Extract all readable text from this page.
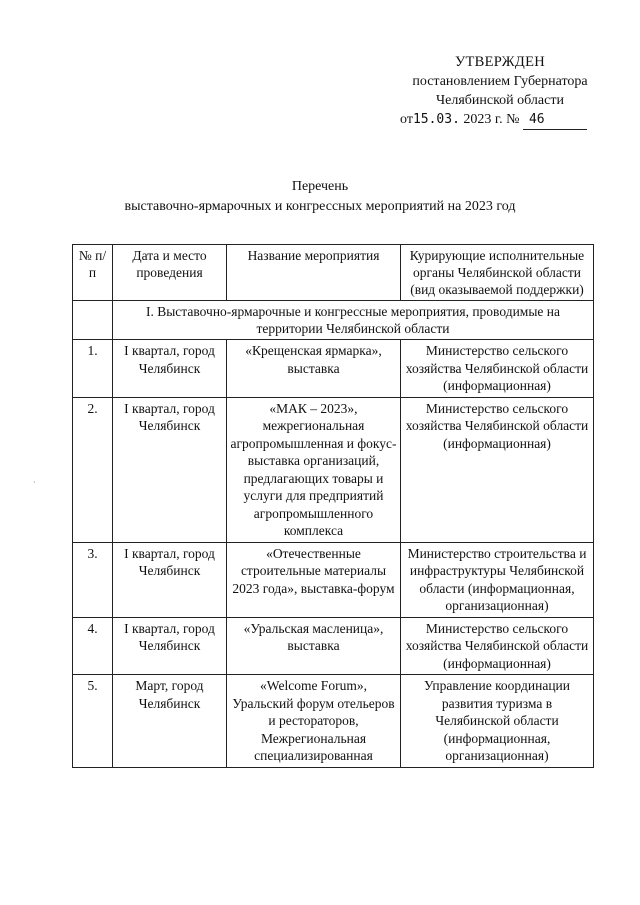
УТВЕРЖДЕН
постановлением Губернатора
Челябинской области
от15.03. 2023 г. № 46
Перечень
выставочно-ярмарочных и конгрессных мероприятий на 2023 год
№ п/п	Дата и место проведения	Название мероприятия	Курирующие исполнительные органы Челябинской области (вид оказываемой поддержки)
	I. Выставочно-ярмарочные и конгрессные мероприятия, проводимые на территории Челябинской области		
1.	I квартал, город Челябинск	«Крещенская ярмарка», выставка	Министерство сельского хозяйства Челябинской области (информационная)
2.	I квартал, город Челябинск	«МАК – 2023», межрегиональная агропромышленная и фокус-выставка организаций, предлагающих товары и услуги для предприятий агропромышленного комплекса	Министерство сельского хозяйства Челябинской области (информационная)
3.	I квартал, город Челябинск	«Отечественные строительные материалы 2023 года», выставка-форум	Министерство строительства и инфраструктуры Челябинской области (информационная, организационная)
4.	I квартал, город Челябинск	«Уральская масленица», выставка	Министерство сельского хозяйства Челябинской области (информационная)
5.	Март, город Челябинск	«Welcome Forum», Уральский форум отельеров и рестораторов, Межрегиональная специализированная	Управление координации развития туризма в Челябинской области (информационная, организационная)
·
